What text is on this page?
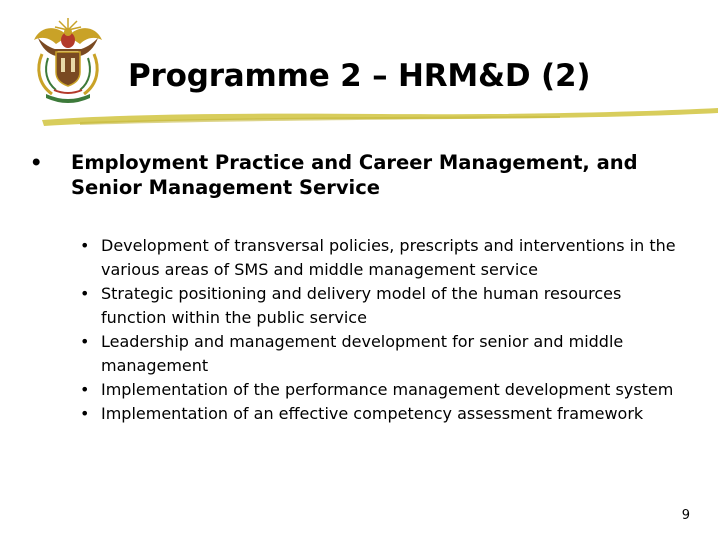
Programme 2 – HRM&D (2)
• Employment Practice and Career Management, and Senior Management Service
• Development of transversal policies, prescripts and interventions in the various areas of SMS and middle management service
• Strategic positioning and delivery model of the human resources function within the public service
• Leadership and management development for senior and middle management
• Implementation of the performance management development system
• Implementation of an effective competency assessment framework
9
